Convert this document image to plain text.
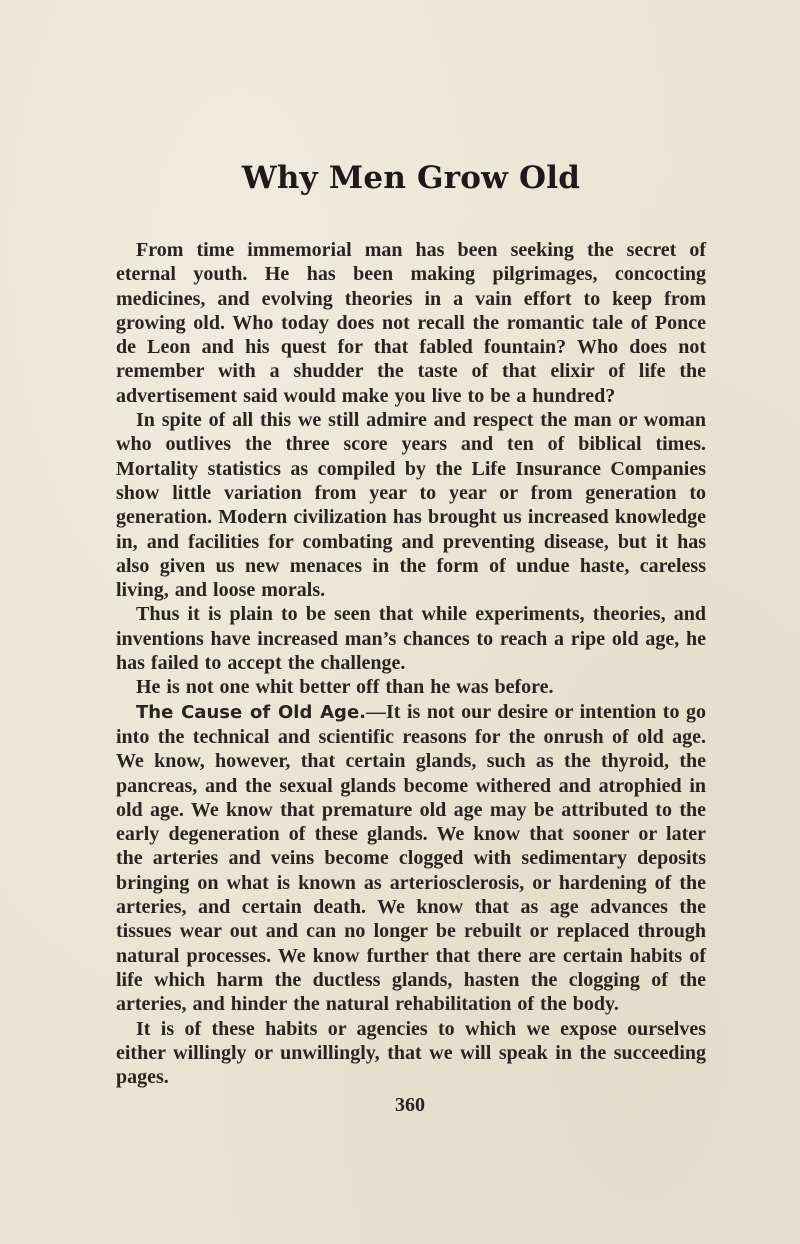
Why Men Grow Old

From time immemorial man has been seeking the secret of eternal youth. He has been making pilgrimages, concocting medicines, and evolving theories in a vain effort to keep from growing old. Who today does not recall the romantic tale of Ponce de Leon and his quest for that fabled fountain? Who does not remember with a shudder the taste of that elixir of life the advertisement said would make you live to be a hundred?

In spite of all this we still admire and respect the man or woman who outlives the three score years and ten of biblical times. Mortality statistics as compiled by the Life Insurance Companies show little variation from year to year or from generation to generation. Modern civilization has brought us increased knowledge in, and facilities for combating and preventing disease, but it has also given us new menaces in the form of undue haste, careless living, and loose morals.

Thus it is plain to be seen that while experiments, theories, and inventions have increased man’s chances to reach a ripe old age, he has failed to accept the challenge.

He is not one whit better off than he was before.

The Cause of Old Age.—It is not our desire or intention to go into the technical and scientific reasons for the onrush of old age. We know, however, that certain glands, such as the thyroid, the pancreas, and the sexual glands become withered and atrophied in old age. We know that premature old age may be attributed to the early degeneration of these glands. We know that sooner or later the arteries and veins become clogged with sedimentary deposits bringing on what is known as arteriosclerosis, or hardening of the arteries, and certain death. We know that as age advances the tissues wear out and can no longer be rebuilt or replaced through natural processes. We know further that there are certain habits of life which harm the ductless glands, hasten the clogging of the arteries, and hinder the natural rehabilitation of the body.

It is of these habits or agencies to which we expose ourselves either willingly or unwillingly, that we will speak in the succeeding pages.

360
